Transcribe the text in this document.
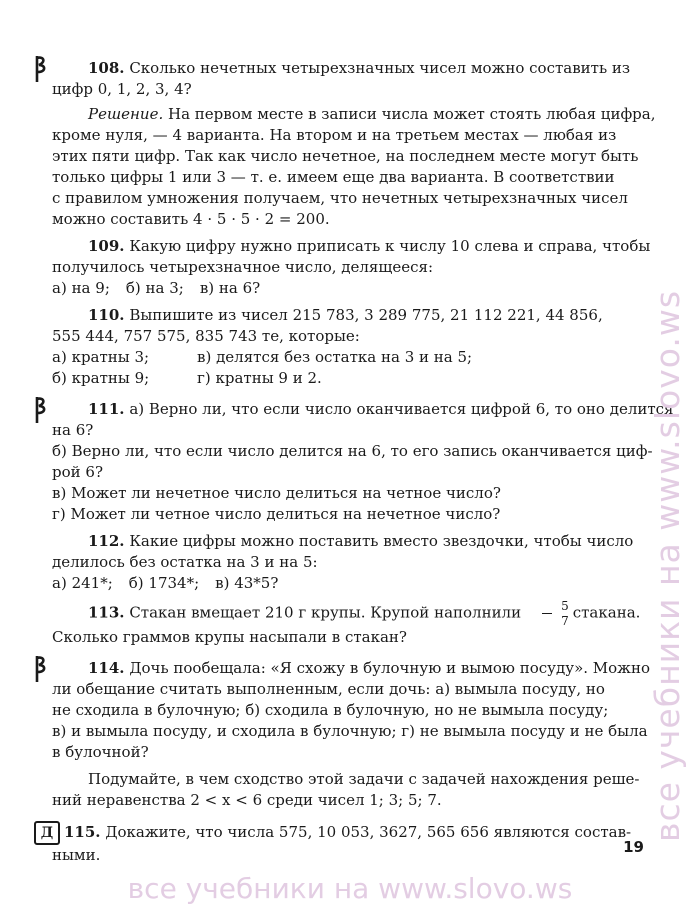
108. Сколько нечетных четырехзначных чисел можно составить из
цифр 0, 1, 2, 3, 4?
Решение. На первом месте в записи числа может стоять любая цифра,
кроме нуля, — 4 варианта. На втором и на третьем местах — любая из
этих пяти цифр. Так как число нечетное, на последнем месте могут быть
только цифры 1 или 3 — т. е. имеем еще два варианта. В соответствии
с правилом умножения получаем, что нечетных четырехзначных чисел
можно составить 4 · 5 · 5 · 2 = 200.
109. Какую цифру нужно приписать к числу 10 слева и справа, чтобы
получилось четырехзначное число, делящееся:
а) на 9; б) на 3; в) на 6?
110. Выпишите из чисел 215 783, 3 289 775, 21 112 221, 44 856,
555 444, 757 575, 835 743 те, которые:
а) кратны 3;	в) делятся без остатка на 3 и на 5;
б) кратны 9;	г) кратны 9 и 2.
111. а) Верно ли, что если число оканчивается цифрой 6, то оно делится
на 6?
б) Верно ли, что если число делится на 6, то его запись оканчивается циф-
рой 6?
в) Может ли нечетное число делиться на четное число?
г) Может ли четное число делиться на нечетное число?
112. Какие цифры можно поставить вместо звездочки, чтобы число
делилось без остатка на 3 и на 5:
а) 241*; б) 1734*; в) 43*5?
113. Стакан вмещает 210 г крупы. Крупой наполнили $\frac{5}{7}$ стакана.
Сколько граммов крупы насыпали в стакан?
114. Дочь пообещала: «Я схожу в булочную и вымою посуду». Можно
ли обещание считать выполненным, если дочь: а) вымыла посуду, но
не сходила в булочную; б) сходила в булочную, но не вымыла посуду;
в) и вымыла посуду, и сходила в булочную; г) не вымыла посуду и не была
в булочной?
Подумайте, в чем сходство этой задачи с задачей нахождения реше-
ний неравенства 2 < x < 6 среди чисел 1; 3; 5; 7.
Д 115. Докажите, что числа 575, 10 053, 3627, 565 656 являются состав-
ными.	19
все учебники на www.slovo.ws
все учебники на www.slovo.ws
